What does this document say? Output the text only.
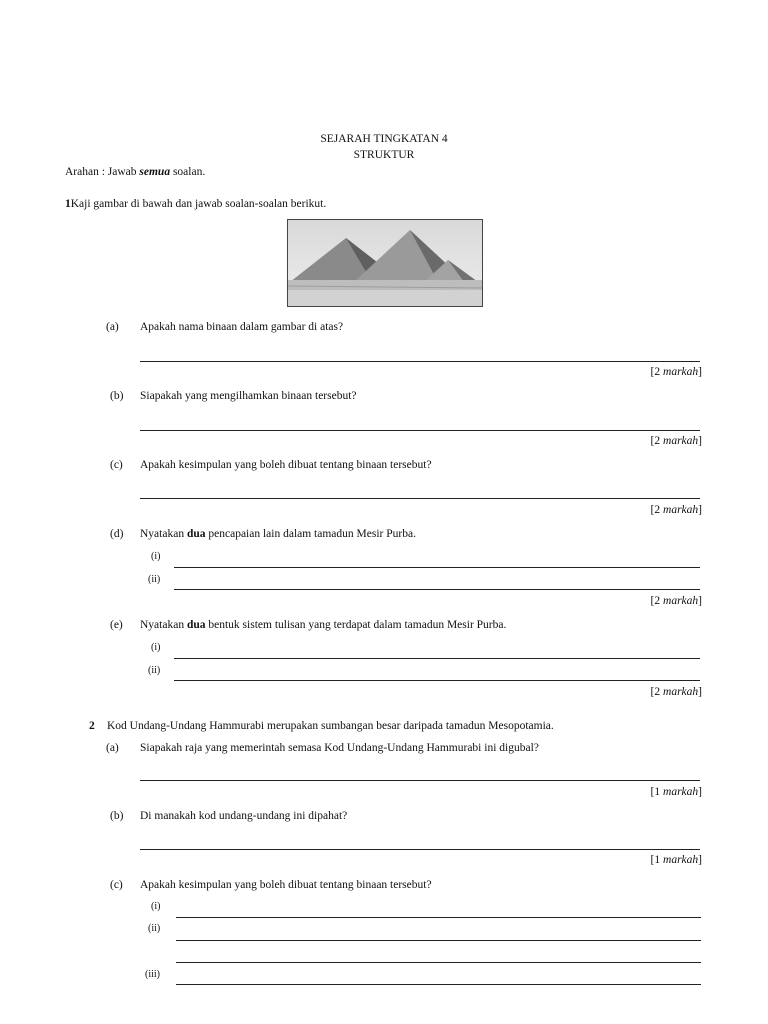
SEJARAH TINGKATAN 4
STRUKTUR
Arahan : Jawab semua soalan.
1Kaji gambar di bawah dan jawab soalan-soalan berikut.
(a) Apakah nama binaan dalam gambar di atas?
[2 markah]
(b) Siapakah yang mengilhamkan binaan tersebut?
[2 markah]
(c) Apakah kesimpulan yang boleh dibuat tentang binaan tersebut?
[2 markah]
(d) Nyatakan dua pencapaian lain dalam tamadun Mesir Purba.
(i)
(ii)
[2 markah]
(e) Nyatakan dua bentuk sistem tulisan yang terdapat dalam tamadun Mesir Purba.
(i)
(ii)
[2 markah]
2 Kod Undang-Undang Hammurabi merupakan sumbangan besar daripada tamadun Mesopotamia.
(a) Siapakah raja yang memerintah semasa Kod Undang-Undang Hammurabi ini digubal?
[1 markah]
(b) Di manakah kod undang-undang ini dipahat?
[1 markah]
(c) Apakah kesimpulan yang boleh dibuat tentang binaan tersebut?
(i)
(ii)
(iii)
